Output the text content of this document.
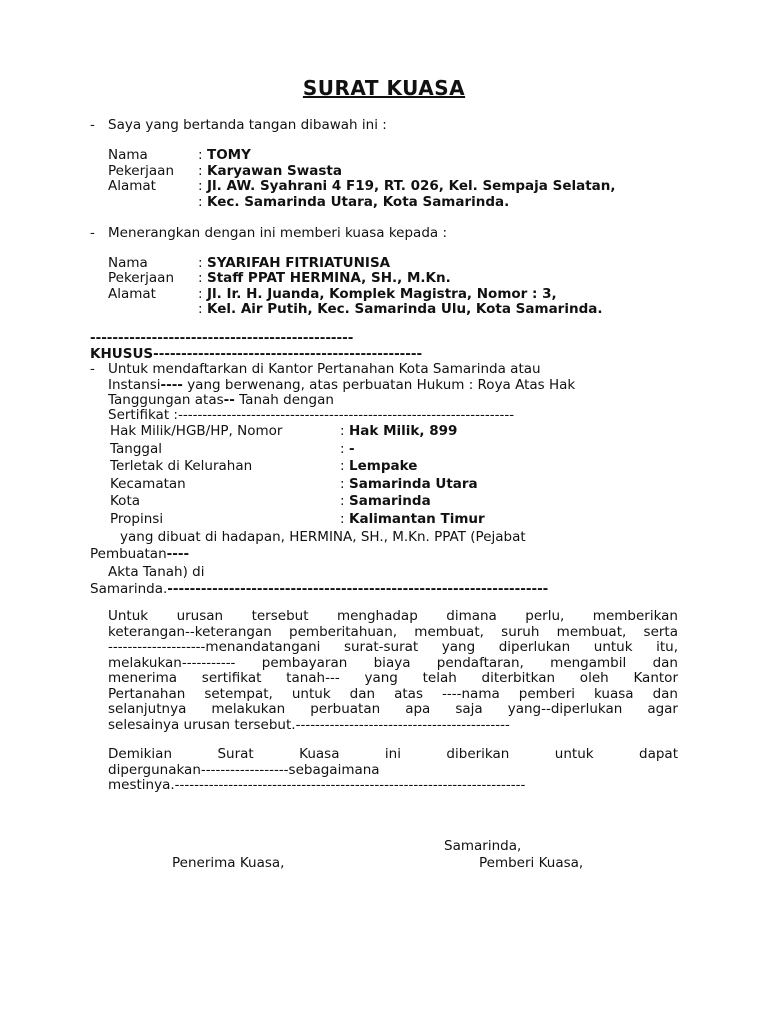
SURAT KUASA
- Saya yang bertanda tangan dibawah ini :
Nama	: TOMY
Pekerjaan : Karyawan Swasta
Alamat	: Jl. AW. Syahrani 4 F19, RT. 026, Kel. Sempaja Selatan,
: Kec. Samarinda Utara, Kota Samarinda.
- Menerangkan dengan ini memberi kuasa kepada :
Nama	: SYARIFAH FITRIATUNISA
Pekerjaan : Staff PPAT HERMINA, SH., M.Kn.
Alamat	: Jl. Ir. H. Juanda, Komplek Magistra, Nomor : 3,
: Kel. Air Putih, Kec. Samarinda Ulu, Kota Samarinda.
-----------------------------------------------
KHUSUS------------------------------------------------
- Untuk mendaftarkan di Kantor Pertanahan Kota Samarinda atau
Instansi---- yang berwenang, atas perbuatan Hukum : Roya Atas Hak
Tanggungan atas-- Tanah dengan
Sertifikat :---------------------------------------------------------------------
Hak Milik/HGB/HP, Nomor	: Hak Milik, 899
Tanggal	: -
Terletak di Kelurahan	: Lempake
Kecamatan	: Samarinda Utara
Kota	: Samarinda
Propinsi	: Kalimantan Timur
yang dibuat di hadapan, HERMINA, SH., M.Kn. PPAT (Pejabat
Pembuatan----
Akta Tanah) di
Samarinda.--------------------------------------------------------------------
Untuk urusan tersebut menghadap dimana perlu, memberikan
keterangan--keterangan pemberitahuan, membuat, suruh membuat, serta
--------------------menandatangani surat-surat yang diperlukan untuk itu,
melakukan----------- pembayaran biaya pendaftaran, mengambil dan
menerima sertifikat tanah--- yang telah diterbitkan oleh Kantor
Pertanahan setempat, untuk dan atas ----nama pemberi kuasa dan
selanjutnya melakukan perbuatan apa saja yang--diperlukan agar
selesainya urusan tersebut.--------------------------------------------
Demikian Surat Kuasa ini diberikan untuk dapat
dipergunakan------------------sebagaimana
mestinya.------------------------------------------------------------------------
Samarinda,
Penerima Kuasa,	Pemberi Kuasa,
